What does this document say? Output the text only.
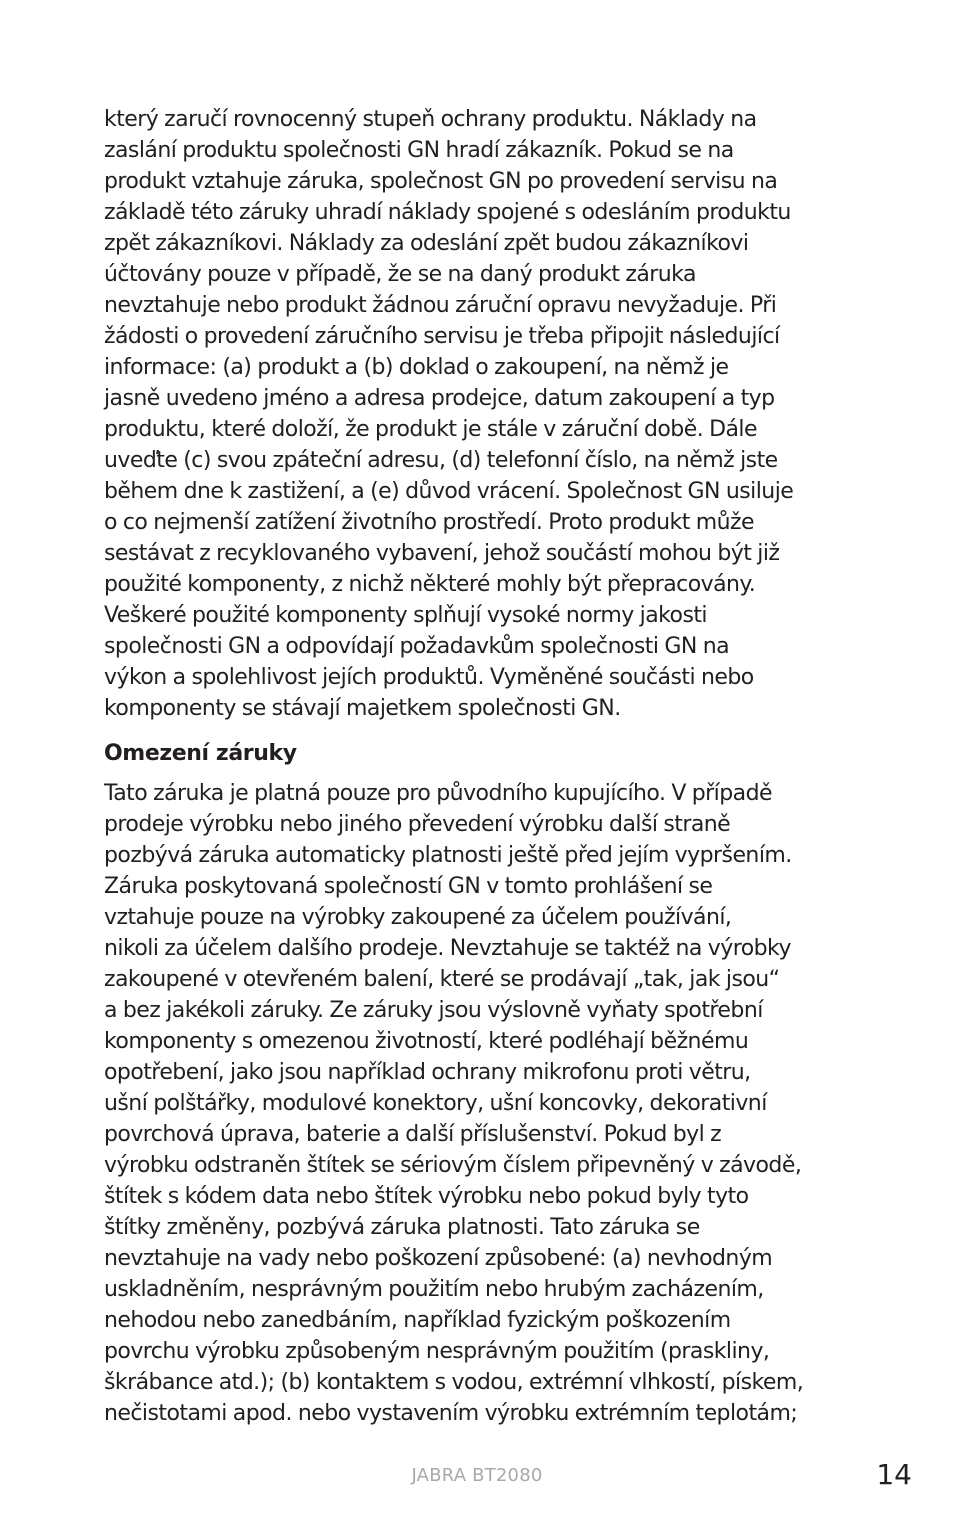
který zaručí rovnocenný stupeň ochrany produktu. Náklady na
zaslání produktu společnosti GN hradí zákazník. Pokud se na
produkt vztahuje záruka, společnost GN po provedení servisu na
základě této záruky uhradí náklady spojené s odesláním produktu
zpět zákazníkovi. Náklady za odeslání zpět budou zákazníkovi
účtovány pouze v případě, že se na daný produkt záruka
nevztahuje nebo produkt žádnou záruční opravu nevyžaduje. Při
žádosti o provedení záručního servisu je třeba připojit následující
informace: (a) produkt a (b) doklad o zakoupení, na němž je
jasně uvedeno jméno a adresa prodejce, datum zakoupení a typ
produktu, které doloží, že produkt je stále v záruční době. Dále
uveďte (c) svou zpáteční adresu, (d) telefonní číslo, na němž jste
během dne k zastižení, a (e) důvod vrácení. Společnost GN usiluje
o co nejmenší zatížení životního prostředí. Proto produkt může
sestávat z recyklovaného vybavení, jehož součástí mohou být již
použité komponenty, z nichž některé mohly být přepracovány.
Veškeré použité komponenty splňují vysoké normy jakosti
společnosti GN a odpovídají požadavkům společnosti GN na
výkon a spolehlivost jejích produktů. Vyměněné součásti nebo
komponenty se stávají majetkem společnosti GN.

Omezení záruky

Tato záruka je platná pouze pro původního kupujícího. V případě
prodeje výrobku nebo jiného převedení výrobku další straně
pozbývá záruka automaticky platnosti ještě před jejím vypršením.
Záruka poskytovaná společností GN v tomto prohlášení se
vztahuje pouze na výrobky zakoupené za účelem používání,
nikoli za účelem dalšího prodeje. Nevztahuje se taktéž na výrobky
zakoupené v otevřeném balení, které se prodávají „tak, jak jsou“
a bez jakékoli záruky. Ze záruky jsou výslovně vyňaty spotřební
komponenty s omezenou životností, které podléhají běžnému
opotřebení, jako jsou například ochrany mikrofonu proti větru,
ušní polštářky, modulové konektory, ušní koncovky, dekorativní
povrchová úprava, baterie a další příslušenství. Pokud byl z
výrobku odstraněn štítek se sériovým číslem připevněný v závodě,
štítek s kódem data nebo štítek výrobku nebo pokud byly tyto
štítky změněny, pozbývá záruka platnosti. Tato záruka se
nevztahuje na vady nebo poškození způsobené: (a) nevhodným
uskladněním, nesprávným použitím nebo hrubým zacházením,
nehodou nebo zanedbáním, například fyzickým poškozením
povrchu výrobku způsobeným nesprávným použitím (praskliny,
škrábance atd.); (b) kontaktem s vodou, extrémní vlhkostí, pískem,
nečistotami apod. nebo vystavením výrobku extrémním teplotám;

JABRA BT2080	14
